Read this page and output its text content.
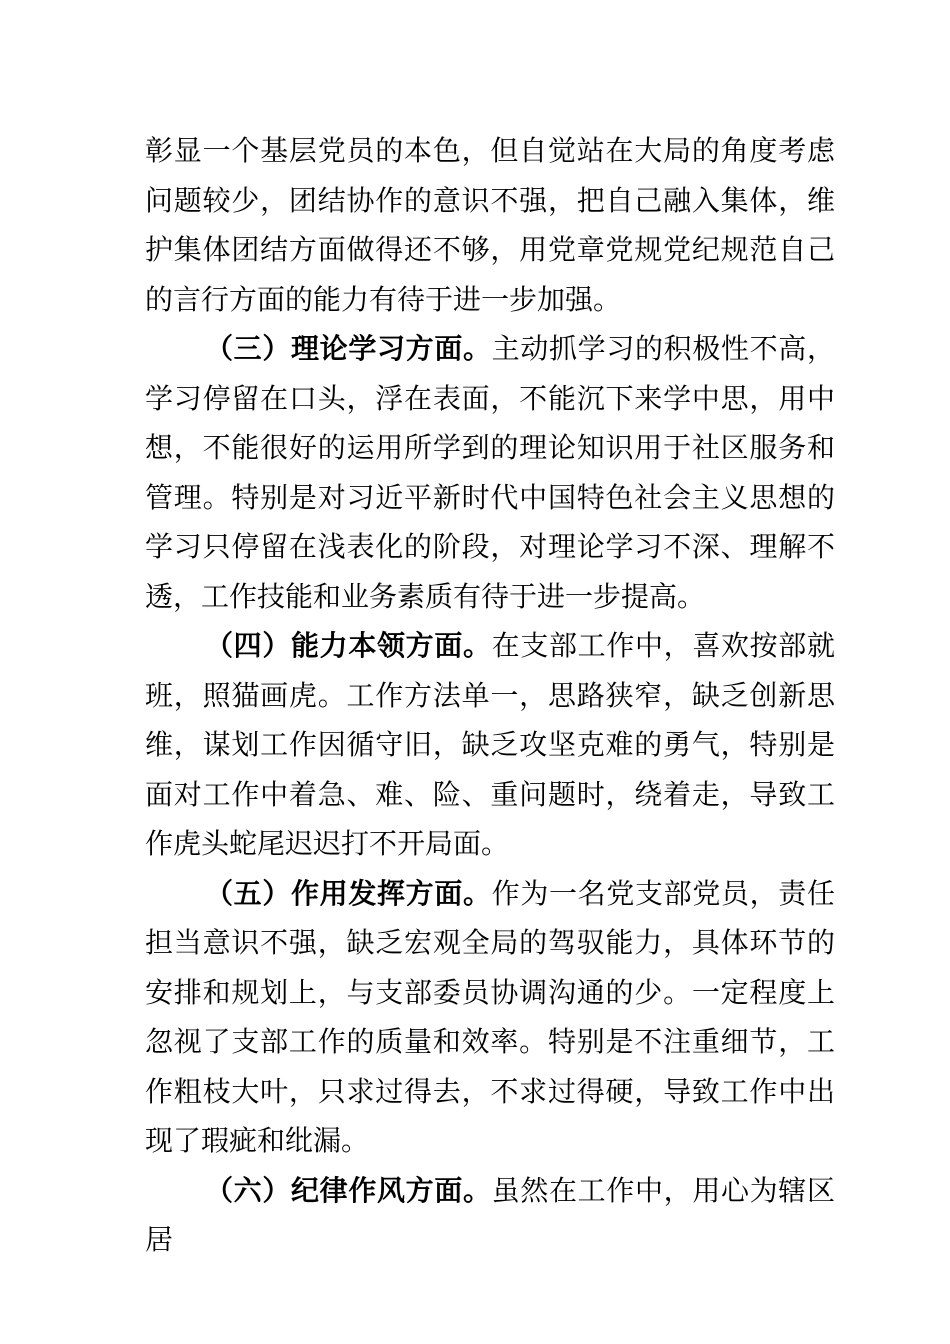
彰显一个基层党员的本色，但自觉站在大局的角度考虑问题较少，团结协作的意识不强，把自己融入集体，维护集体团结方面做得还不够，用党章党规党纪规范自己的言行方面的能力有待于进一步加强。

（三）理论学习方面。主动抓学习的积极性不高，学习停留在口头，浮在表面，不能沉下来学中思，用中想，不能很好的运用所学到的理论知识用于社区服务和管理。特别是对习近平新时代中国特色社会主义思想的学习只停留在浅表化的阶段，对理论学习不深、理解不透，工作技能和业务素质有待于进一步提高。

（四）能力本领方面。在支部工作中，喜欢按部就班，照猫画虎。工作方法单一，思路狭窄，缺乏创新思维，谋划工作因循守旧，缺乏攻坚克难的勇气，特别是面对工作中着急、难、险、重问题时，绕着走，导致工作虎头蛇尾迟迟打不开局面。

（五）作用发挥方面。作为一名党支部党员，责任担当意识不强，缺乏宏观全局的驾驭能力，具体环节的安排和规划上，与支部委员协调沟通的少。一定程度上忽视了支部工作的质量和效率。特别是不注重细节，工作粗枝大叶，只求过得去，不求过得硬，导致工作中出现了瑕疵和纰漏。

（六）纪律作风方面。虽然在工作中，用心为辖区居
